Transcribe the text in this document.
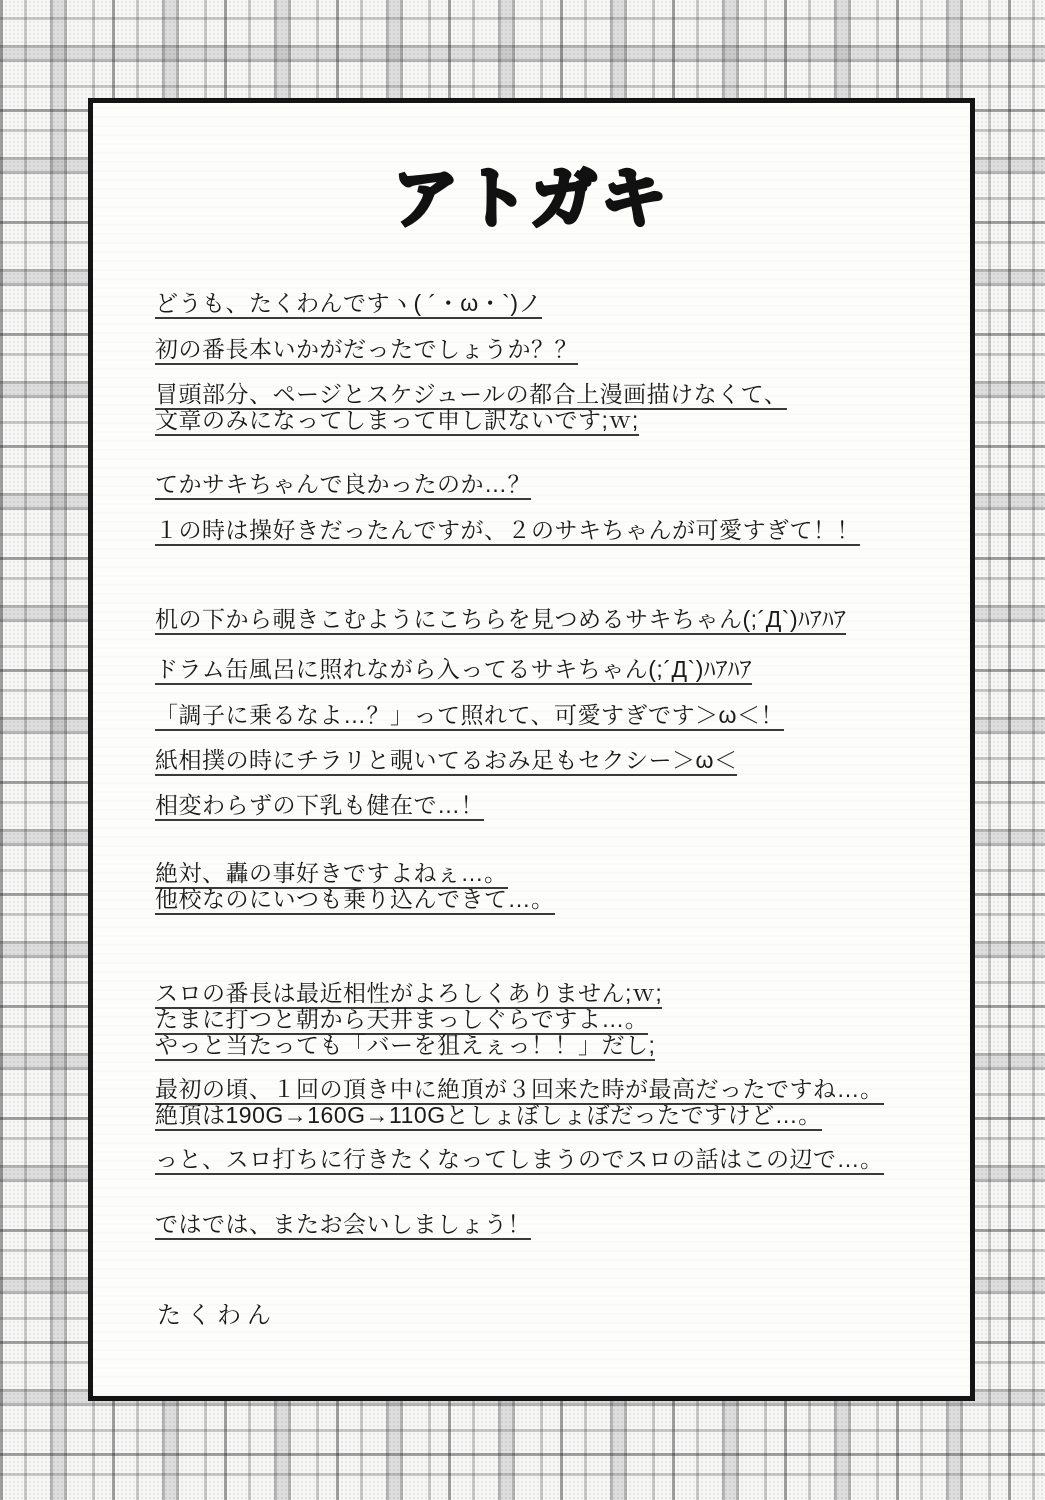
アトガキ
どうも、たくわんですヽ( ´・ω・`)ノ
初の番長本いかがだったでしょうか？？
冒頭部分、ページとスケジュールの都合上漫画描けなくて、
文章のみになってしまって申し訳ないです;ｗ;
てかサキちゃんで良かったのか…？
１の時は操好きだったんですが、２のサキちゃんが可愛すぎて！！
机の下から覗きこむようにこちらを見つめるサキちゃん(;´Д`)ﾊｱﾊｱ
ドラム缶風呂に照れながら入ってるサキちゃん(;´Д`)ﾊｱﾊｱ
「調子に乗るなよ…？」って照れて、可愛すぎです＞ω＜！
紙相撲の時にチラリと覗いてるおみ足もセクシー＞ω＜
相変わらずの下乳も健在で…！
絶対、轟の事好きですよねぇ…。
他校なのにいつも乗り込んできて…。
スロの番長は最近相性がよろしくありません;ｗ;
たまに打つと朝から天井まっしぐらですよ…。
やっと当たっても「バーを狙えぇっ！！」だし;
最初の頃、１回の頂き中に絶頂が３回来た時が最高だったですね…。
絶頂は190G→160G→110Gとしょぼしょぼだったですけど…。
っと、スロ打ちに行きたくなってしまうのでスロの話はこの辺で…。
ではでは、またお会いしましょう！
たくわん
